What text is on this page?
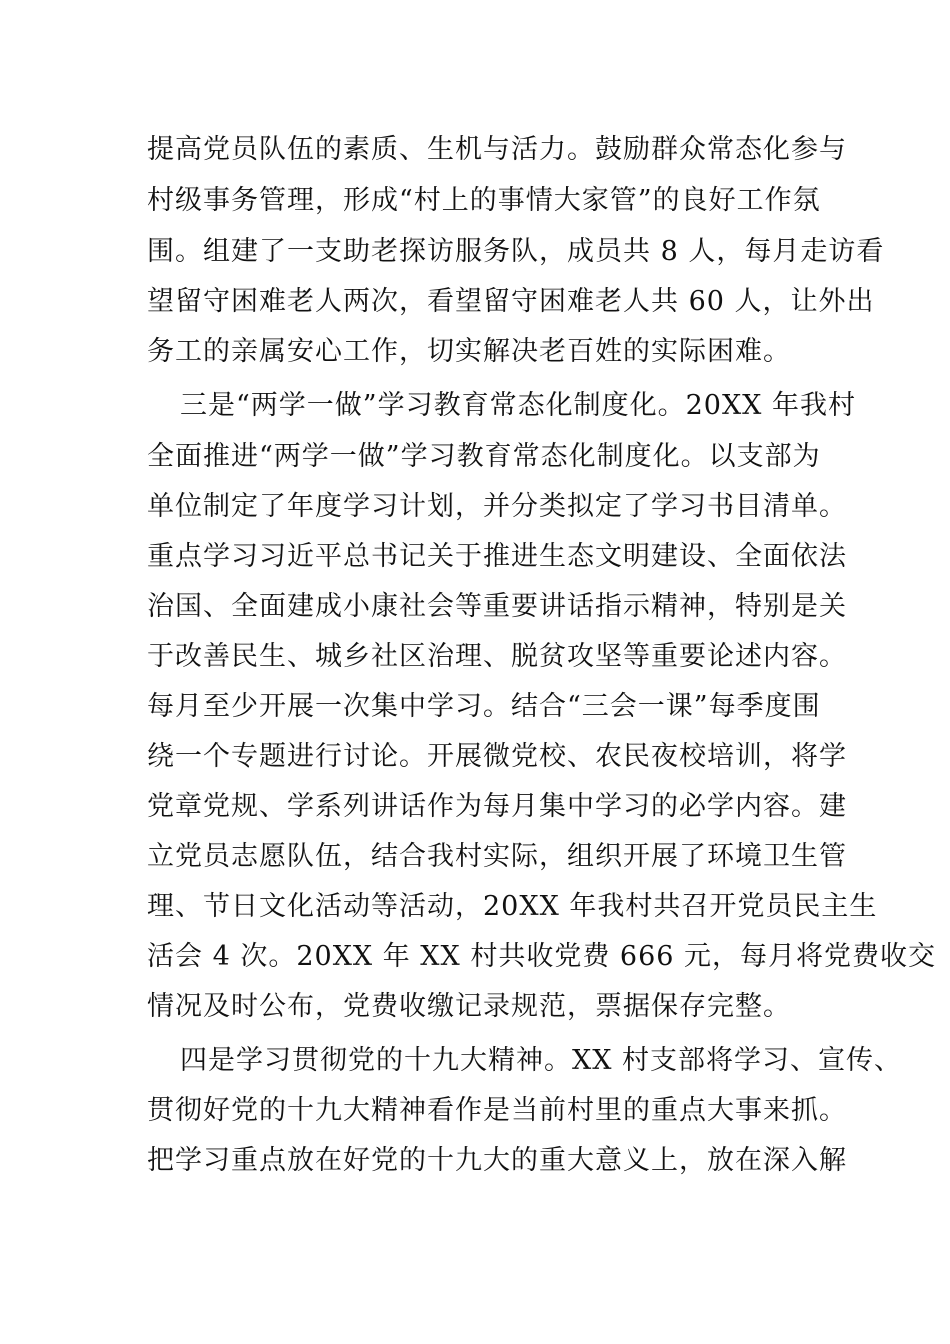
提高党员队伍的素质、生机与活力。鼓励群众常态化参与
村级事务管理，形成“村上的事情大家管”的良好工作氛
围。组建了一支助老探访服务队，成员共 8 人，每月走访看
望留守困难老人两次，看望留守困难老人共 60 人，让外出
务工的亲属安心工作，切实解决老百姓的实际困难。
三是“两学一做”学习教育常态化制度化。20XX 年我村
全面推进“两学一做”学习教育常态化制度化。以支部为
单位制定了年度学习计划，并分类拟定了学习书目清单。
重点学习习近平总书记关于推进生态文明建设、全面依法
治国、全面建成小康社会等重要讲话指示精神，特别是关
于改善民生、城乡社区治理、脱贫攻坚等重要论述内容。
每月至少开展一次集中学习。结合“三会一课”每季度围
绕一个专题进行讨论。开展微党校、农民夜校培训，将学
党章党规、学系列讲话作为每月集中学习的必学内容。建
立党员志愿队伍，结合我村实际，组织开展了环境卫生管
理、节日文化活动等活动，20XX 年我村共召开党员民主生
活会 4 次。20XX 年 XX 村共收党费 666 元，每月将党费收交
情况及时公布，党费收缴记录规范，票据保存完整。
四是学习贯彻党的十九大精神。XX 村支部将学习、宣传、
贯彻好党的十九大精神看作是当前村里的重点大事来抓。
把学习重点放在好党的十九大的重大意义上，放在深入解
